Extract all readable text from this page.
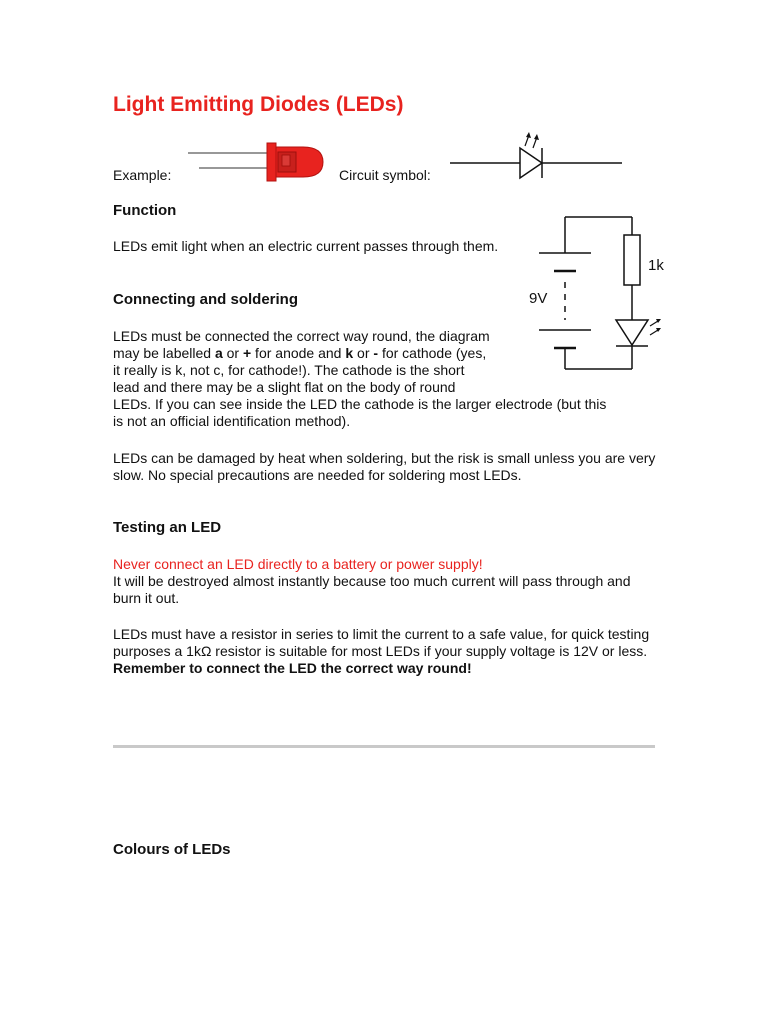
Light Emitting Diodes (LEDs)
Example:	Circuit symbol:
Function

LEDs emit light when an electric current passes through them.

1k
9V
Connecting and soldering
LEDs must be connected the correct way round, the diagram
may be labelled a or + for anode and k or - for cathode (yes,
it really is k, not c, for cathode!). The cathode is the short
lead and there may be a slight flat on the body of round
LEDs. If you can see inside the LED the cathode is the larger electrode (but this
is not an official identification method).

LEDs can be damaged by heat when soldering, but the risk is small unless you are very slow. No special precautions are needed for soldering most LEDs.

Testing an LED
Never connect an LED directly to a battery or power supply!

It will be destroyed almost instantly because too much current will pass through and burn it out.

LEDs must have a resistor in series to limit the current to a safe value, for quick testing purposes a 1kΩ resistor is suitable for most LEDs if your supply voltage is 12V or less. Remember to connect the LED the correct way round!

Colours of LEDs
